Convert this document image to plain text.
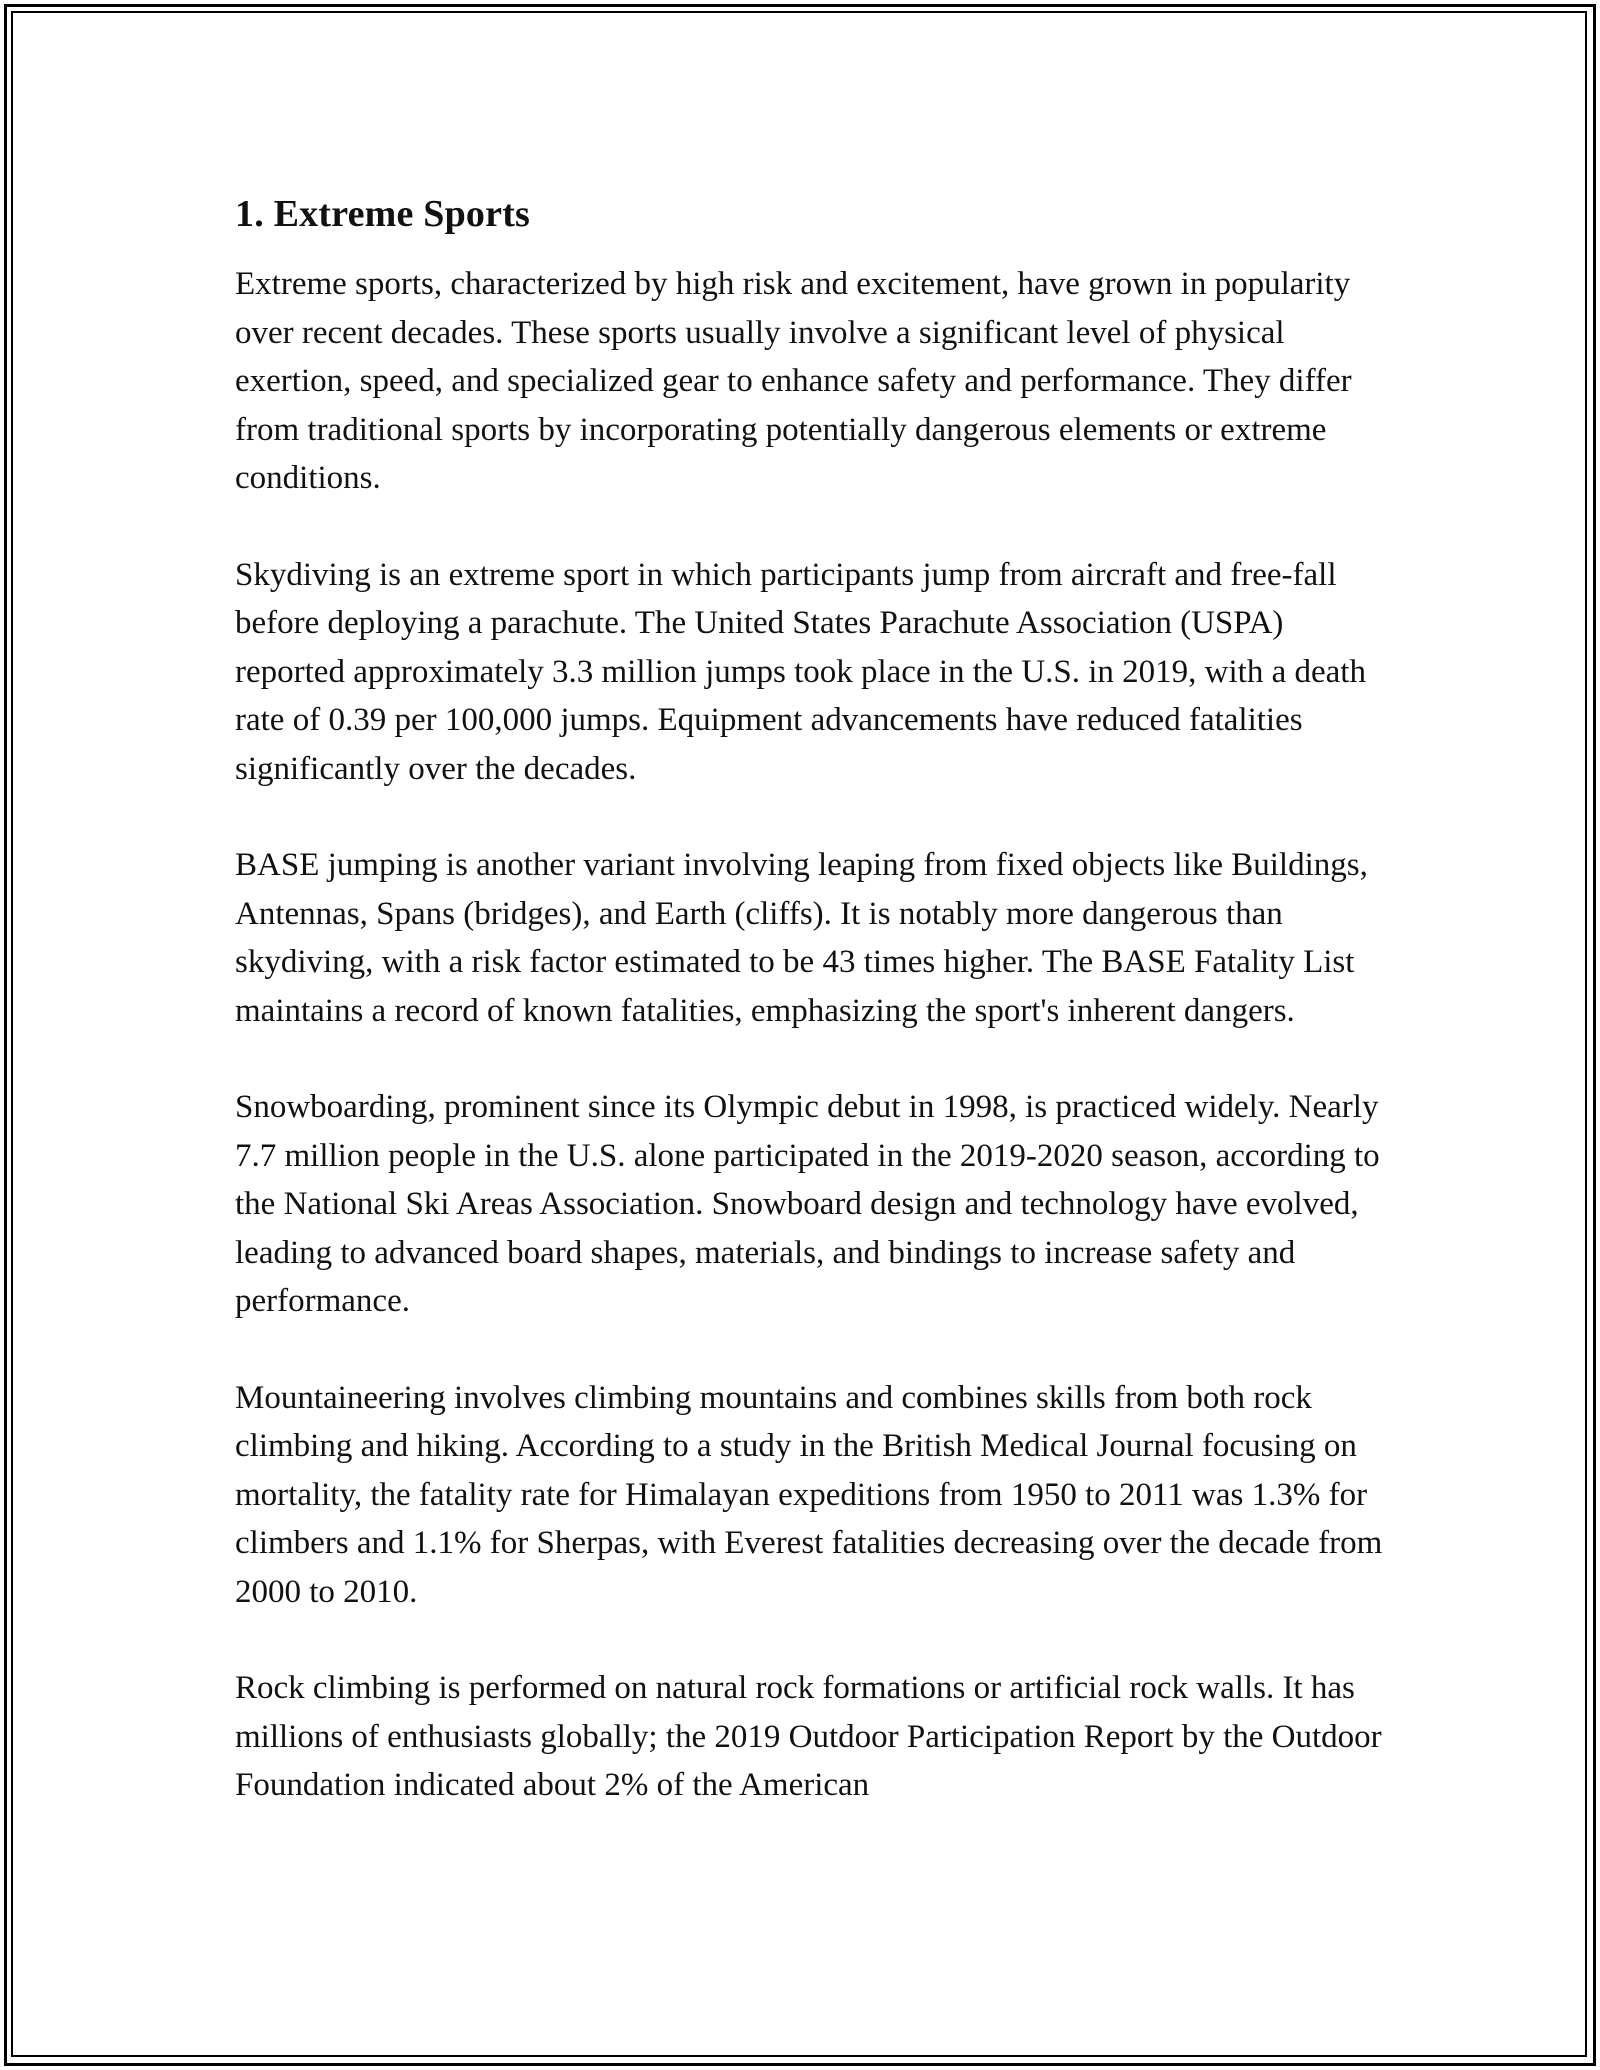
1. Extreme Sports

Extreme sports, characterized by high risk and excitement, have grown in popularity over recent decades. These sports usually involve a significant level of physical exertion, speed, and specialized gear to enhance safety and performance. They differ from traditional sports by incorporating potentially dangerous elements or extreme conditions.

Skydiving is an extreme sport in which participants jump from aircraft and free-fall before deploying a parachute. The United States Parachute Association (USPA) reported approximately 3.3 million jumps took place in the U.S. in 2019, with a death rate of 0.39 per 100,000 jumps. Equipment advancements have reduced fatalities significantly over the decades.

BASE jumping is another variant involving leaping from fixed objects like Buildings, Antennas, Spans (bridges), and Earth (cliffs). It is notably more dangerous than skydiving, with a risk factor estimated to be 43 times higher. The BASE Fatality List maintains a record of known fatalities, emphasizing the sport's inherent dangers.

Snowboarding, prominent since its Olympic debut in 1998, is practiced widely. Nearly 7.7 million people in the U.S. alone participated in the 2019-2020 season, according to the National Ski Areas Association. Snowboard design and technology have evolved, leading to advanced board shapes, materials, and bindings to increase safety and performance.

Mountaineering involves climbing mountains and combines skills from both rock climbing and hiking. According to a study in the British Medical Journal focusing on mortality, the fatality rate for Himalayan expeditions from 1950 to 2011 was 1.3% for climbers and 1.1% for Sherpas, with Everest fatalities decreasing over the decade from 2000 to 2010.

Rock climbing is performed on natural rock formations or artificial rock walls. It has millions of enthusiasts globally; the 2019 Outdoor Participation Report by the Outdoor Foundation indicated about 2% of the American
